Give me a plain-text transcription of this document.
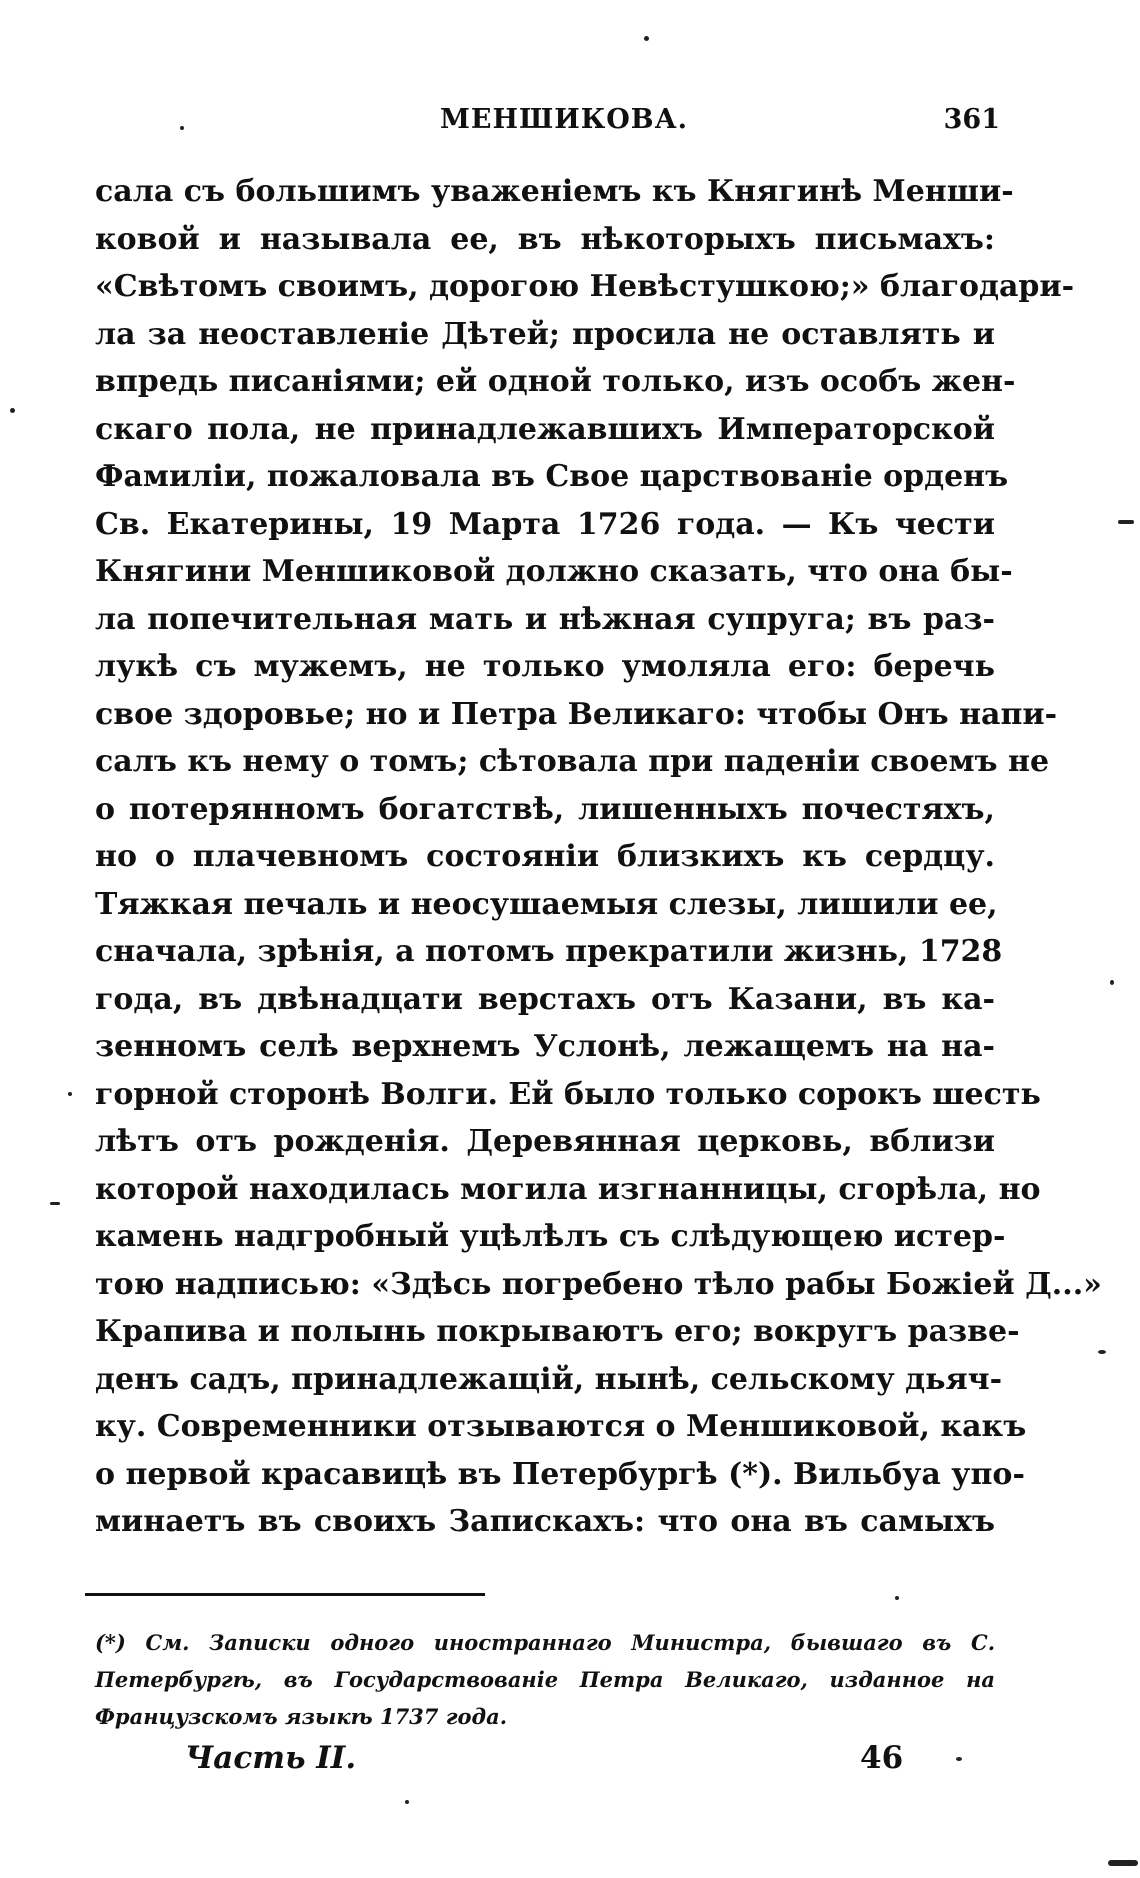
МЕНШИКОВА.	361
сала съ большимъ уваженіемъ къ Княгинѣ Менши-
ковой и называла ее, въ нѣкоторыхъ письмахъ:
«Свѣтомъ своимъ, дорогою Невѣстушкою;» благодари-
ла за неоставленіе Дѣтей; просила не оставлять и
впредь писаніями; ей одной только, изъ особъ жен-
скаго пола, не принадлежавшихъ Императорской
Фамиліи, пожаловала въ Свое царствованіе орденъ
Св. Екатерины, 19 Марта 1726 года. — Къ чести
Княгини Меншиковой должно сказать, что она бы-
ла попечительная мать и нѣжная супруга; въ раз-
лукѣ съ мужемъ, не только умоляла его: беречь
свое здоровье; но и Петра Великаго: чтобы Онъ напи-
салъ къ нему о томъ; сѣтовала при паденіи своемъ не
о потерянномъ богатствѣ, лишенныхъ почестяхъ,
но о плачевномъ состояніи близкихъ къ сердцу.
Тяжкая печаль и неосушаемыя слезы, лишили ее,
сначала, зрѣнія, а потомъ прекратили жизнь, 1728
года, въ двѣнадцати верстахъ отъ Казани, въ ка-
зенномъ селѣ верхнемъ Услонѣ, лежащемъ на на-
горной сторонѣ Волги. Ей было только сорокъ шесть
лѣтъ отъ рожденія. Деревянная церковь, вблизи
которой находилась могила изгнанницы, сгорѣла, но
камень надгробный уцѣлѣлъ съ слѣдующею истер-
тою надписью: «Здѣсь погребено тѣло рабы Божіей Д...»
Крапива и полынь покрываютъ его; вокругъ разве-
денъ садъ, принадлежащій, нынѣ, сельскому дьяч-
ку. Современники отзываются о Меншиковой, какъ
о первой красавицѣ въ Петербургѣ (*). Вильбуа упо-
минаетъ въ своихъ Запискахъ: что она въ самыхъ
(*) См. Записки одного иностраннаго Министра, бывшаго въ С.
Петербургѣ, въ Государствованіе Петра Великаго, изданное на
Французскомъ языкѣ 1737 года.
Часть II.	46
